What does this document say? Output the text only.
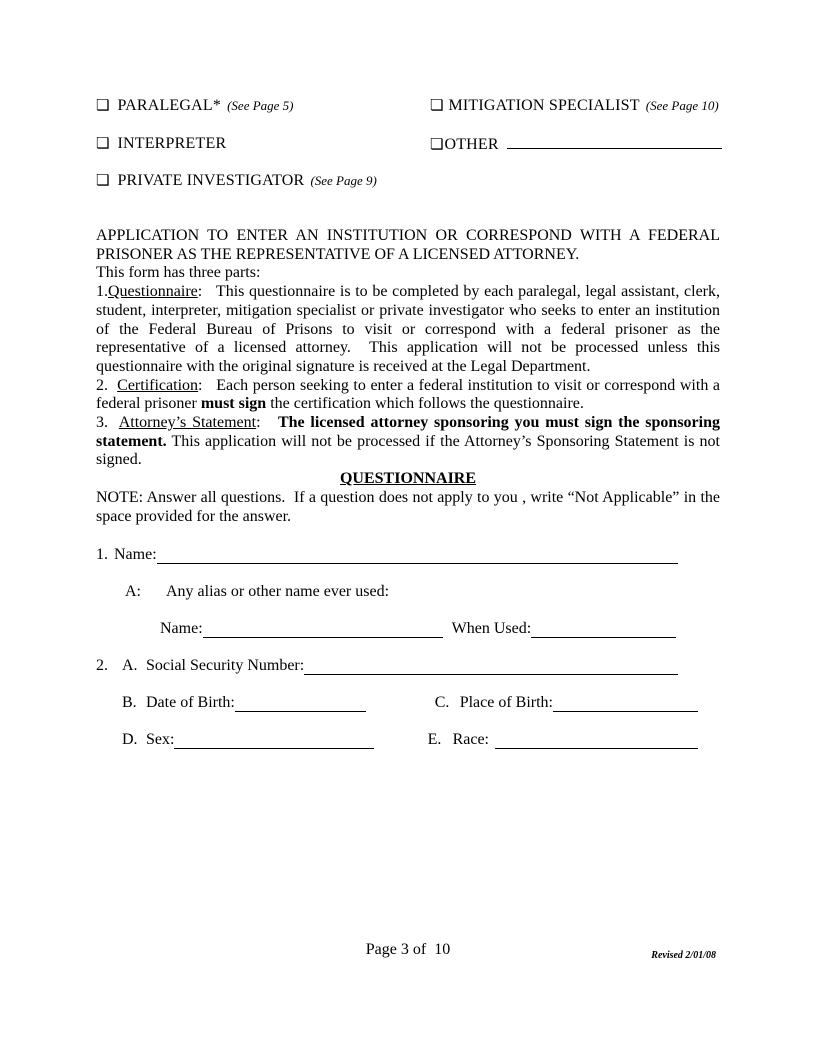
❏ PARALEGAL* (See Page 5)	❏ MITIGATION SPECIALIST (See Page 10)
❏ INTERPRETER	❏ OTHER
❏ PRIVATE INVESTIGATOR (See Page 9)

APPLICATION TO ENTER AN INSTITUTION OR CORRESPOND WITH A FEDERAL PRISONER AS THE REPRESENTATIVE OF A LICENSED ATTORNEY.

This form has three parts:

1.Questionnaire:   This questionnaire is to be completed by each paralegal, legal assistant, clerk, student, interpreter, mitigation specialist or private investigator who seeks to enter an institution of the Federal Bureau of Prisons to visit or correspond with a federal prisoner as the representative of a licensed attorney.  This application will not be processed unless this questionnaire with the original signature is received at the Legal Department.

2.  Certification:   Each person seeking to enter a federal institution to visit or correspond with a federal prisoner must sign the certification which follows the questionnaire.

3.  Attorney’s Statement:   The licensed attorney sponsoring you must sign the sponsoring statement. This application will not be processed if the Attorney’s Sponsoring Statement is not signed.

QUESTIONNAIRE

NOTE: Answer all questions.  If a question does not apply to you , write “Not Applicable” in the space provided for the answer.

1. Name:
A: Any alias or other name ever used:
Name:	When Used:
2. A. Social Security Number:
B. Date of Birth:	C. Place of Birth:
D. Sex:	E. Race:
Page 3 of  10	Revised 2/01/08
